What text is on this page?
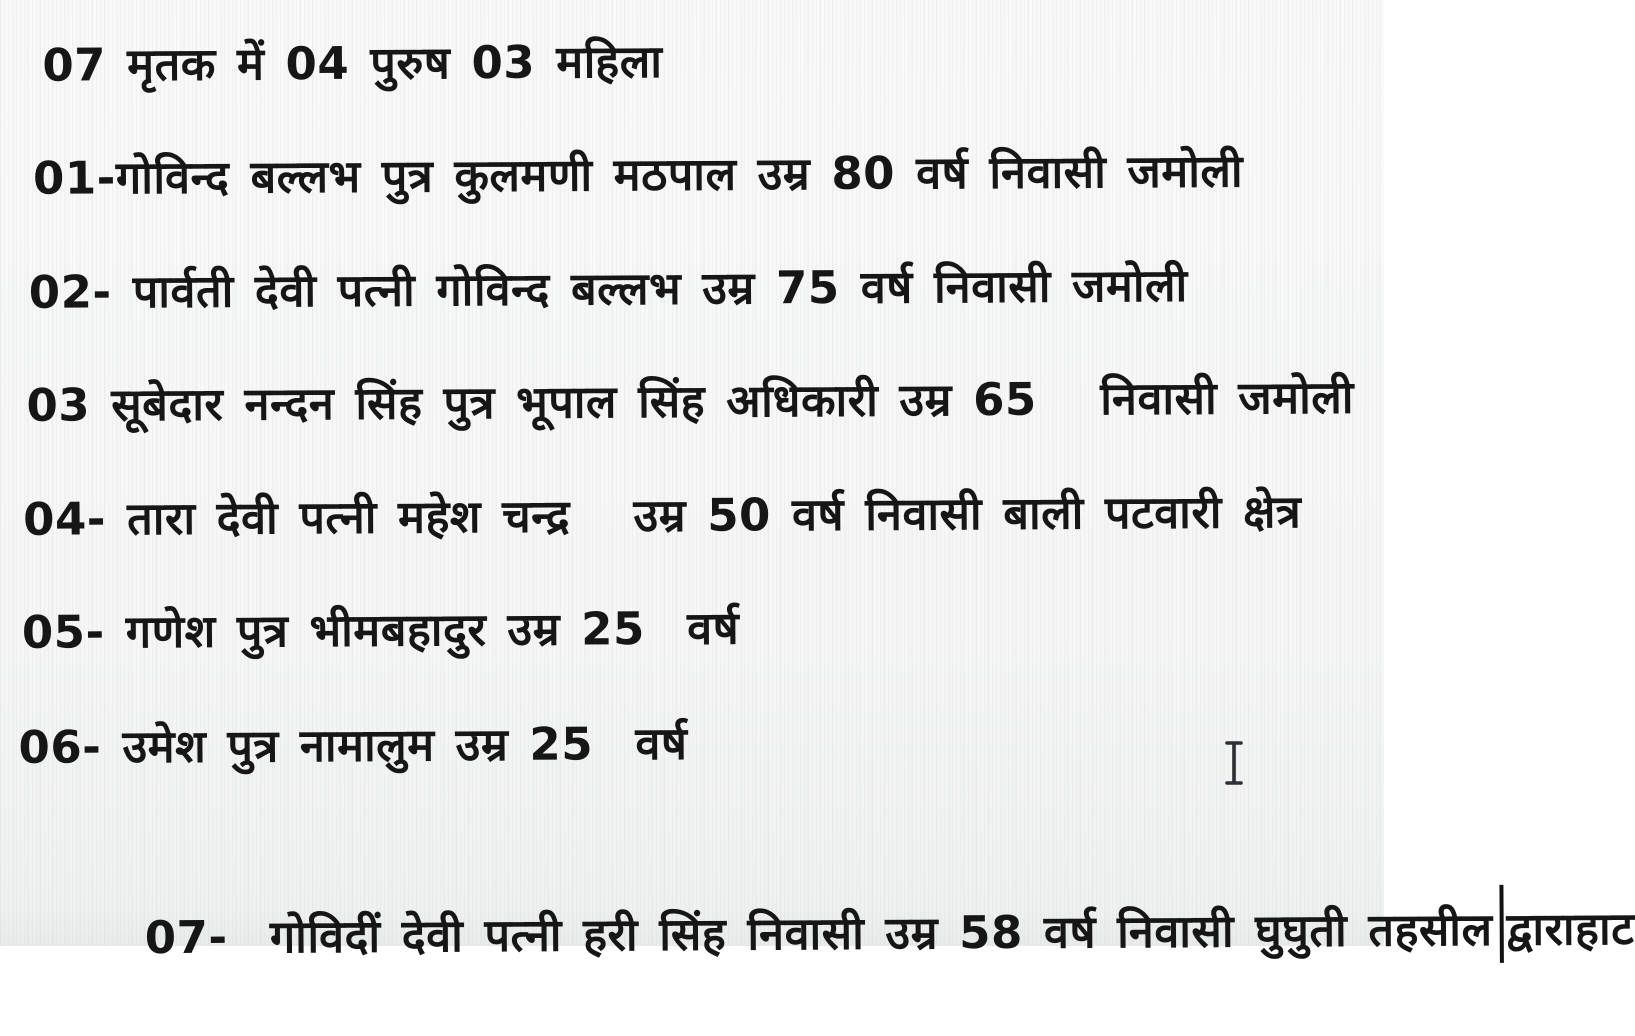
07 मृतक में 04 पुरुष 03 महिला
01-गोविन्द बल्लभ पुत्र कुलमणी मठपाल उम्र 80 वर्ष निवासी जमोली
02- पार्वती देवी पत्नी गोविन्द बल्लभ उम्र 75 वर्ष निवासी जमोली
03 सूबेदार नन्दन सिंह पुत्र भूपाल सिंह अधिकारी उम्र 65   निवासी जमोली
04- तारा देवी पत्नी महेश चन्द्र   उम्र 50 वर्ष निवासी बाली पटवारी क्षेत्र
05- गणेश पुत्र भीमबहादुर उम्र 25  वर्ष
06- उमेश पुत्र नामालुम उम्र 25  वर्ष

07-  गोविदीं देवी पत्नी हरी सिंह निवासी उम्र 58 वर्ष निवासी घुघुती तहसील द्वाराहाट
